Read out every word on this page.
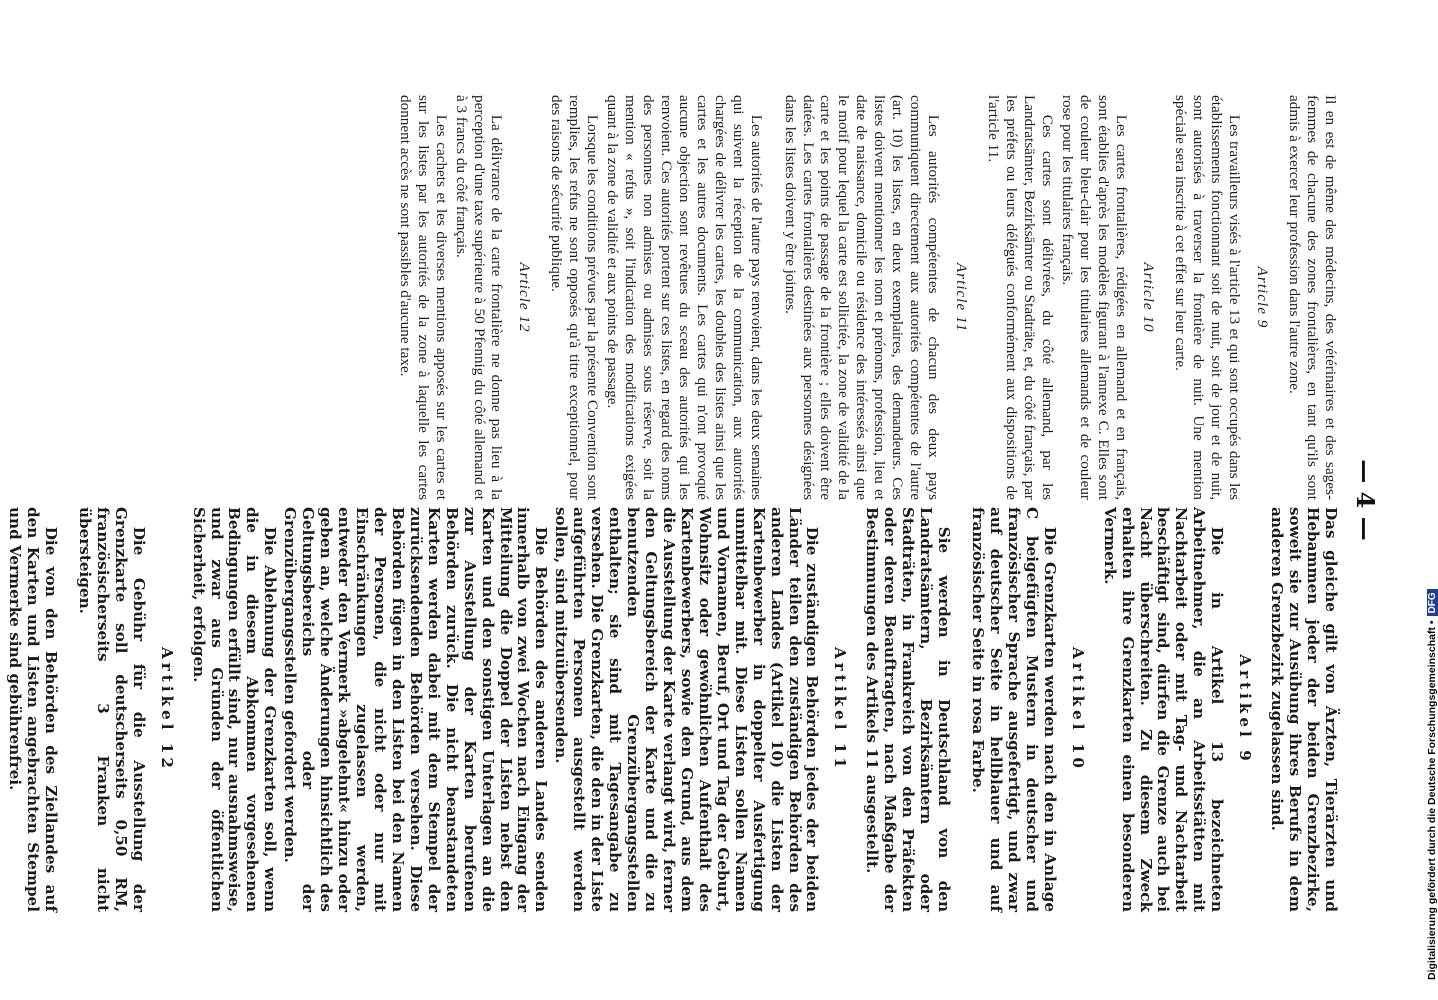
— 4 —

Das gleiche gilt von Ärzten, Tierärzten und Hebammen jeder der beiden Grenzbezirke, soweit sie zur Ausübung ihres Berufs in dem anderen Grenzbezirk zugelassen sind.

Artikel 9

Die in Artikel 13 bezeichneten Arbeitnehmer, die an Arbeitsstätten mit Nachtarbeit oder mit Tag- und Nachtarbeit beschäftigt sind, dürfen die Grenze auch bei Nacht überschreiten. Zu diesem Zweck erhalten ihre Grenzkarten einen besonderen Vermerk.

Artikel 10

Die Grenzkarten werden nach den in Anlage C beigefügten Mustern in deutscher und französischer Sprache ausgefertigt, und zwar auf deutscher Seite in hellblauer und auf französischer Seite in rosa Farbe.

Sie werden in Deutschland von den Landratsämtern, Bezirksämtern oder Stadträten, in Frankreich von den Präfekten oder deren Beauftragten, nach Maßgabe der Bestimmungen des Artikels 11 ausgestellt.

Artikel 11

Die zuständigen Behörden jedes der beiden Länder teilen den zuständigen Behörden des anderen Landes (Artikel 10) die Listen der Kartenbewerber in doppelter Ausfertigung unmittelbar mit. Diese Listen sollen Namen und Vornamen, Beruf, Ort und Tag der Geburt, Wohnsitz oder gewöhnlichen Aufenthalt des Kartenbewerbers, sowie den Grund, aus dem die Ausstellung der Karte verlangt wird, ferner den Geltungsbereich der Karte und die zu benutzenden Grenzübergangsstellen enthalten; sie sind mit Tagesangabe zu versehen. Die Grenzkarten, die den in der Liste aufgeführten Personen ausgestellt werden sollen, sind mitzuübersenden.

Die Behörden des anderen Landes senden innerhalb von zwei Wochen nach Eingang der Mitteilung die Doppel der Listen nebst den Karten und den sonstigen Unterlagen an die zur Ausstellung der Karten berufenen Behörden zurück. Die nicht beanstandeten Karten werden dabei mit dem Stempel der zurücksendenden Behörden versehen. Diese Behörden fügen in den Listen bei den Namen der Personen, die nicht oder nur mit Einschränkungen zugelassen werden, entweder den Vermerk »abgelehnt« hinzu oder geben an, welche Änderungen hinsichtlich des Geltungsbereichs oder der Grenzübergangsstellen gefordert werden.

Die Ablehnung der Grenzkarten soll, wenn die in diesem Abkommen vorgesehenen Bedingungen erfüllt sind, nur ausnahmsweise, und zwar aus Gründen der öffentlichen Sicherheit, erfolgen.

Artikel 12

Die Gebühr für die Ausstellung der Grenzkarte soll deutscherseits 0,50 RM, französischerseits 3 Franken nicht übersteigen.

Die von den Behörden des Ziellandes auf den Karten und Listen angebrachten Stempel und Vermerke sind gebührenfrei.

Il en est de même des médecins, des vétérinaires et des sages-femmes de chacune des zones frontalières, en tant qu'ils sont admis à exercer leur profession dans l'autre zone.

Article 9

Les travailleurs visés à l'article 13 et qui sont occupés dans les établissements fonctionnant soit de nuit, soit de jour et de nuit, sont autorisés à traverser la frontière de nuit. Une mention spéciale sera inscrite à cet effet sur leur carte.

Article 10

Les cartes frontalières, rédigées en allemand et en français, sont établies d'après les modèles figurant à l'annexe C. Elles sont de couleur bleu-clair pour les titulaires allemands et de couleur rose pour les titulaires français.

Ces cartes sont délivrées, du côté allemand, par les Landratsämter, Bezirksämter ou Stadträte, et, du côté français, par les préfets ou leurs délégués conformément aux dispositions de l'article 11.

Article 11

Les autorités compétentes de chacun des deux pays communiquent directement aux autorités compétentes de l'autre (art. 10) les listes, en deux exemplaires, des demandeurs. Ces listes doivent mentionner les nom et prénoms, profession, lieu et date de naissance, domicile ou résidence des intéressés ainsi que le motif pour lequel la carte est sollicitée, la zone de validité de la carte et les points de passage de la frontière ; elles doivent être datées. Les cartes frontalières destinées aux personnes désignées dans les listes doivent y être jointes.

Les autorités de l'autre pays renvoient, dans les deux semaines qui suivent la réception de la communication, aux autorités chargées de délivrer les cartes, les doubles des listes ainsi que les cartes et les autres documents. Les cartes qui n'ont provoqué aucune objection sont revêtues du sceau des autorités qui les renvoient. Ces autorités portent sur ces listes, en regard des noms des personnes non admises ou admises sous réserve, soit la mention « refus », soit l'indication des modifications exigées quant à la zone de validité et aux points de passage.

Lorsque les conditions prévues par la présente Convention sont remplies, les refus ne sont opposés qu'à titre exceptionnel, pour des raisons de sécurité publique.

Article 12

La délivrance de la carte frontalière ne donne pas lieu à la perception d'une taxe supérieure à 50 Pfennig du côté allemand et à 3 francs du côté français.

Les cachets et les diverses mentions apposés sur les cartes et sur les listes par les autorités de la zone à laquelle les cartes donnent accès ne sont passibles d'aucune taxe.

Digitalisierung gefördert durch die Deutsche Forschungsgemeinschaft •DFG
